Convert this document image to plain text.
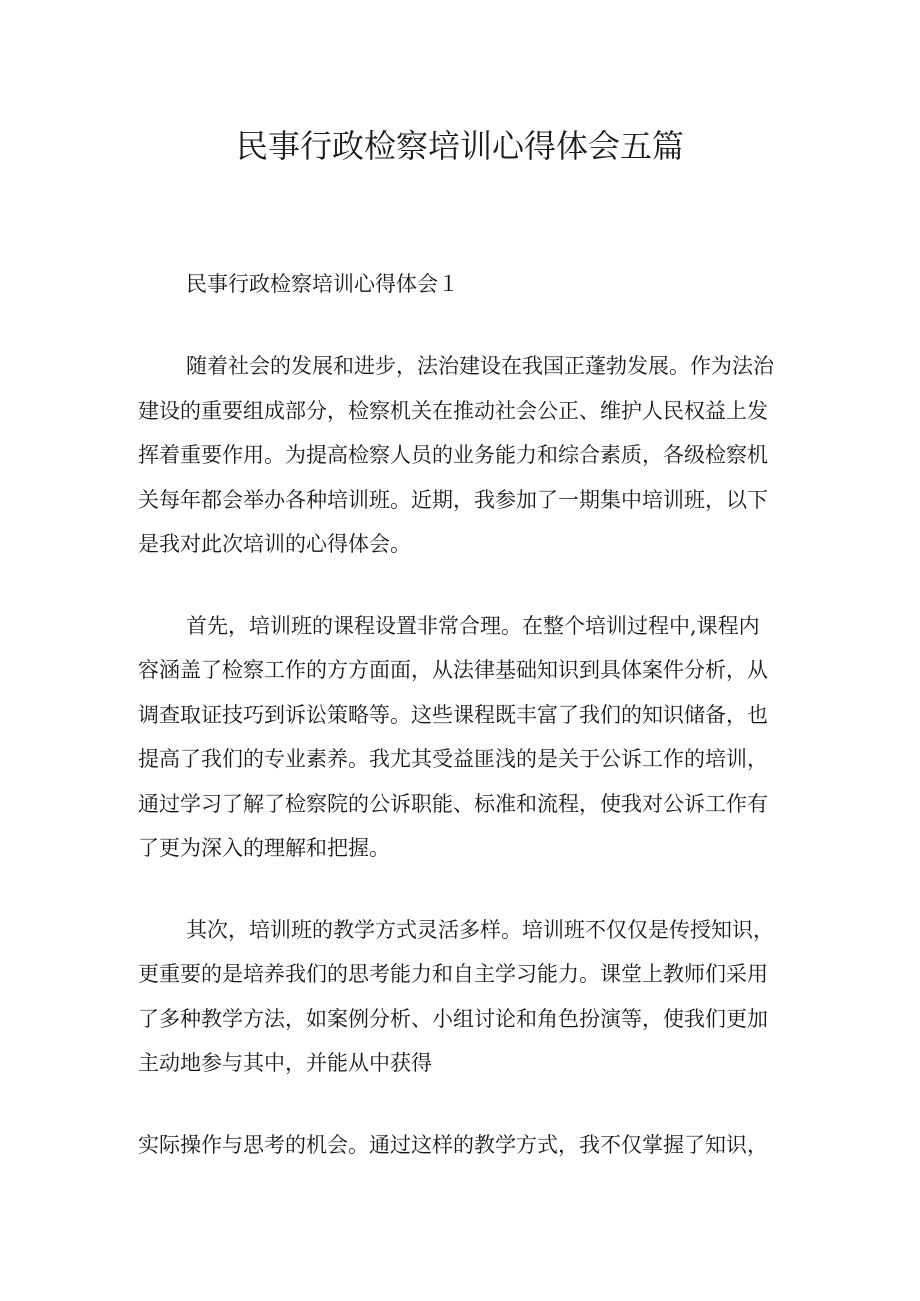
民事行政检察培训心得体会五篇
民事行政检察培训心得体会１
随着社会的发展和进步，法治建设在我国正蓬勃发展。作为法治
建设的重要组成部分，检察机关在推动社会公正、维护人民权益上发
挥着重要作用。为提高检察人员的业务能力和综合素质，各级检察机
关每年都会举办各种培训班。近期，我参加了一期集中培训班，以下
是我对此次培训的心得体会。
首先，培训班的课程设置非常合理。在整个培训过程中,课程内
容涵盖了检察工作的方方面面，从法律基础知识到具体案件分析，从
调查取证技巧到诉讼策略等。这些课程既丰富了我们的知识储备，也
提高了我们的专业素养。我尤其受益匪浅的是关于公诉工作的培训，
通过学习了解了检察院的公诉职能、标准和流程，使我对公诉工作有
了更为深入的理解和把握。
其次，培训班的教学方式灵活多样。培训班不仅仅是传授知识，
更重要的是培养我们的思考能力和自主学习能力。课堂上教师们采用
了多种教学方法，如案例分析、小组讨论和角色扮演等，使我们更加
主动地参与其中，并能从中获得
实际操作与思考的机会。通过这样的教学方式，我不仅掌握了知识，
